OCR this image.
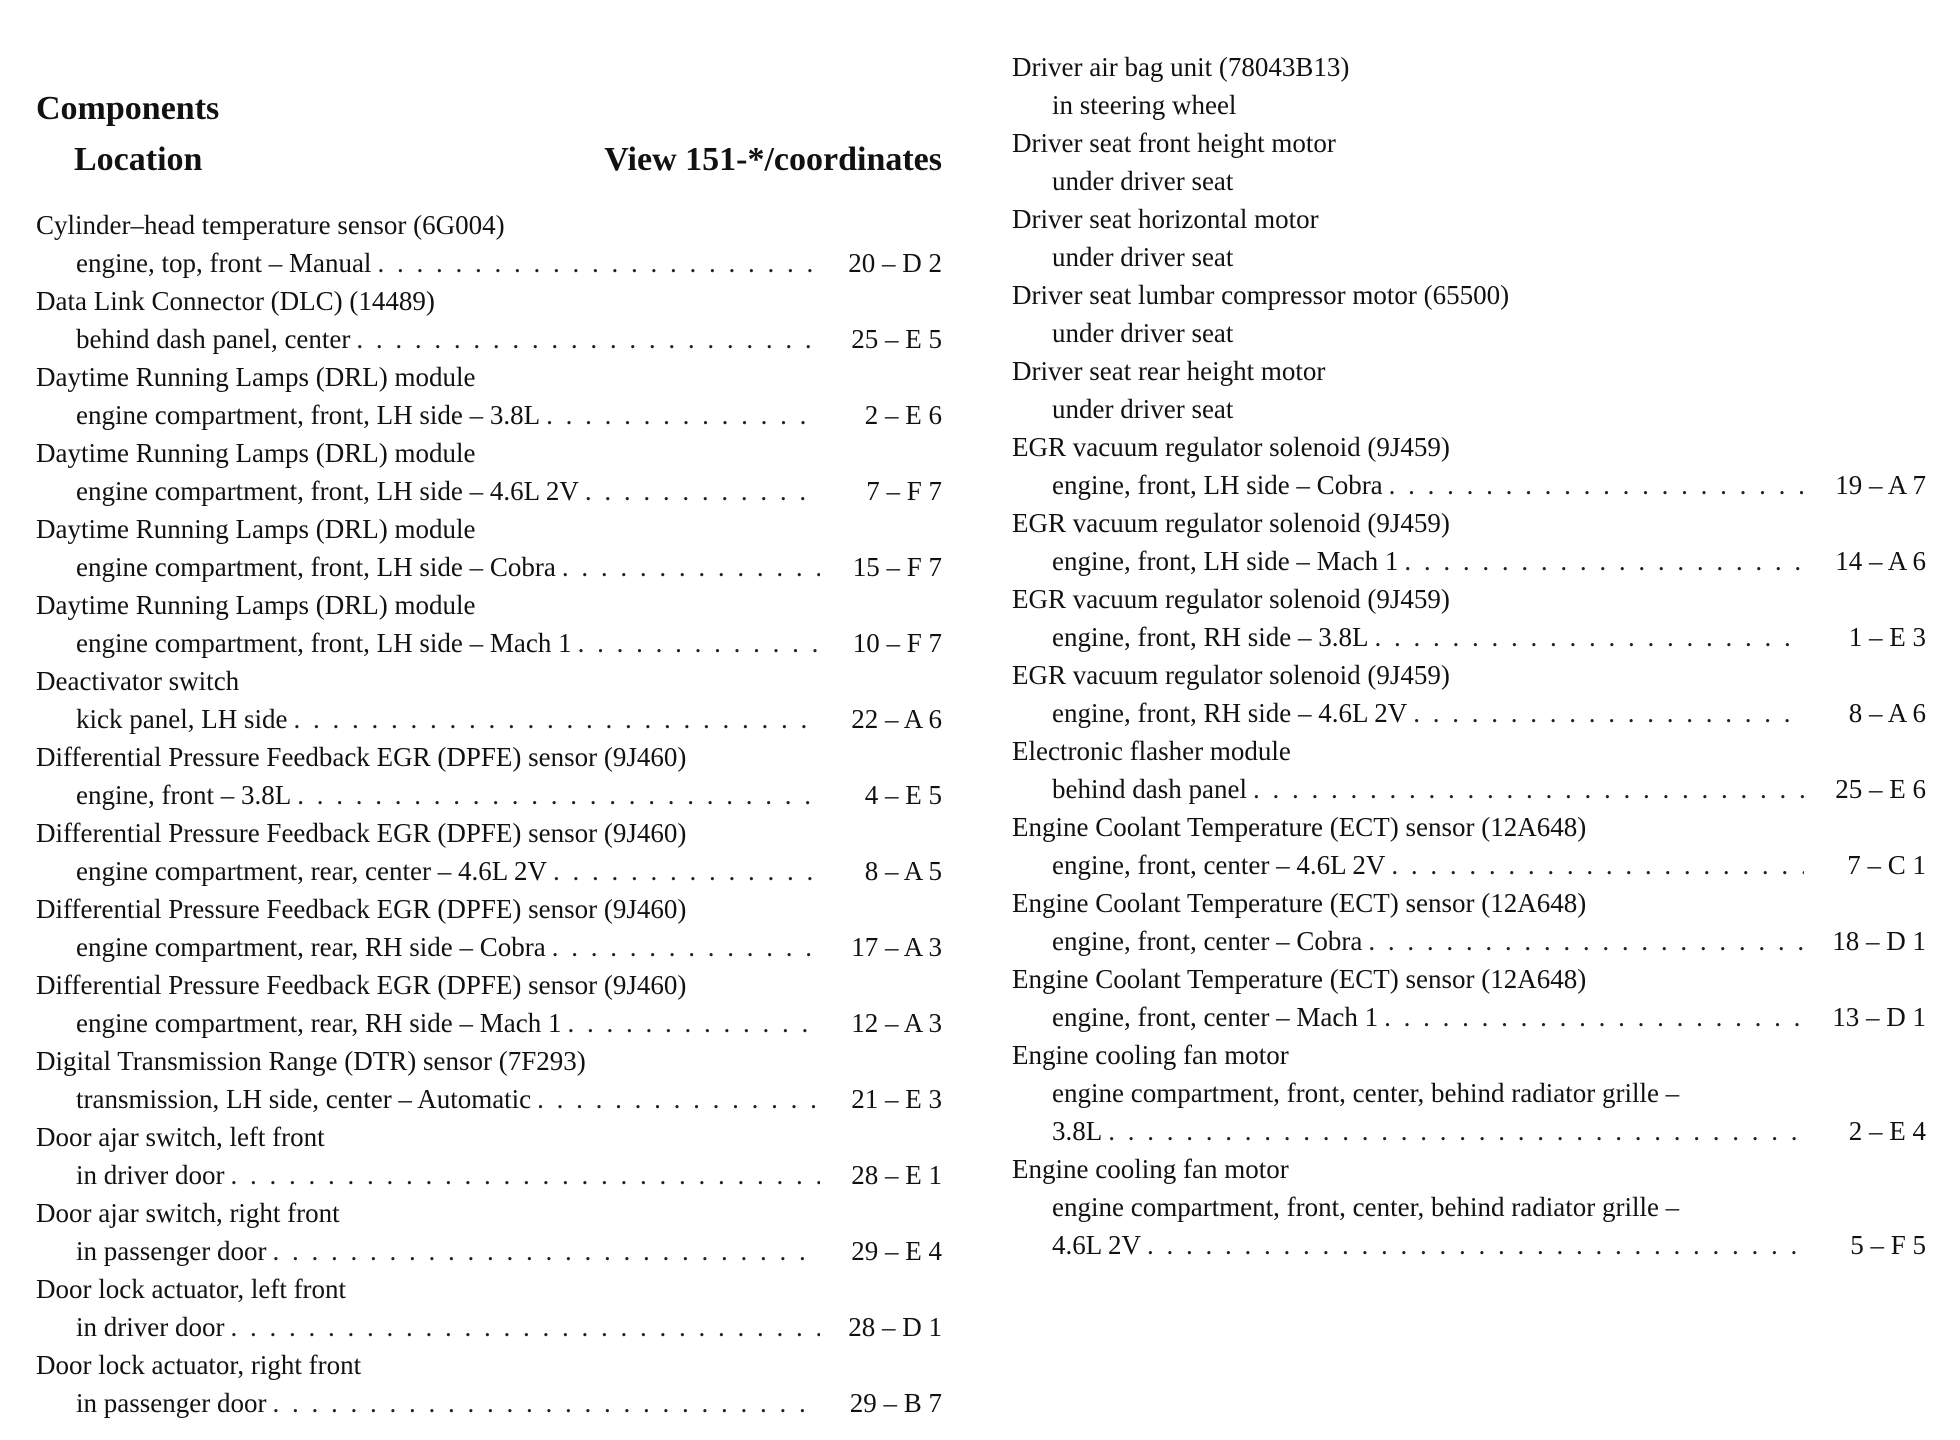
Components
Location	View 151-*/coordinates
Cylinder–head temperature sensor (6G004)
engine, top, front – Manual . . .	20 – D 2
Data Link Connector (DLC) (14489)
behind dash panel, center . . .	25 – E 5
Daytime Running Lamps (DRL) module
engine compartment, front, LH side – 3.8L . . .	2 – E 6
Daytime Running Lamps (DRL) module
engine compartment, front, LH side – 4.6L 2V . . .	7 – F 7
Daytime Running Lamps (DRL) module
engine compartment, front, LH side – Cobra . . .	15 – F 7
Daytime Running Lamps (DRL) module
engine compartment, front, LH side – Mach 1 . . .	10 – F 7
Deactivator switch
kick panel, LH side . . .	22 – A 6
Differential Pressure Feedback EGR (DPFE) sensor (9J460)
engine, front – 3.8L . . .	4 – E 5
Differential Pressure Feedback EGR (DPFE) sensor (9J460)
engine compartment, rear, center – 4.6L 2V . . .	8 – A 5
Differential Pressure Feedback EGR (DPFE) sensor (9J460)
engine compartment, rear, RH side – Cobra . . .	17 – A 3
Differential Pressure Feedback EGR (DPFE) sensor (9J460)
engine compartment, rear, RH side – Mach 1 . . .	12 – A 3
Digital Transmission Range (DTR) sensor (7F293)
transmission, LH side, center – Automatic . . .	21 – E 3
Door ajar switch, left front
in driver door . . .	28 – E 1
Door ajar switch, right front
in passenger door . . .	29 – E 4
Door lock actuator, left front
in driver door . . .	28 – D 1
Door lock actuator, right front
in passenger door . . .	29 – B 7
Driver air bag unit (78043B13)
in steering wheel
Driver seat front height motor
under driver seat
Driver seat horizontal motor
under driver seat
Driver seat lumbar compressor motor (65500)
under driver seat
Driver seat rear height motor
under driver seat
EGR vacuum regulator solenoid (9J459)
engine, front, LH side – Cobra . . .	19 – A 7
EGR vacuum regulator solenoid (9J459)
engine, front, LH side – Mach 1 . . .	14 – A 6
EGR vacuum regulator solenoid (9J459)
engine, front, RH side – 3.8L . . .	1 – E 3
EGR vacuum regulator solenoid (9J459)
engine, front, RH side – 4.6L 2V . . .	8 – A 6
Electronic flasher module
behind dash panel . . .	25 – E 6
Engine Coolant Temperature (ECT) sensor (12A648)
engine, front, center – 4.6L 2V . . .	7 – C 1
Engine Coolant Temperature (ECT) sensor (12A648)
engine, front, center – Cobra . . .	18 – D 1
Engine Coolant Temperature (ECT) sensor (12A648)
engine, front, center – Mach 1 . . .	13 – D 1
Engine cooling fan motor
engine compartment, front, center, behind radiator grille –
3.8L . . .	2 – E 4
Engine cooling fan motor
engine compartment, front, center, behind radiator grille –
4.6L 2V . . .	5 – F 5
